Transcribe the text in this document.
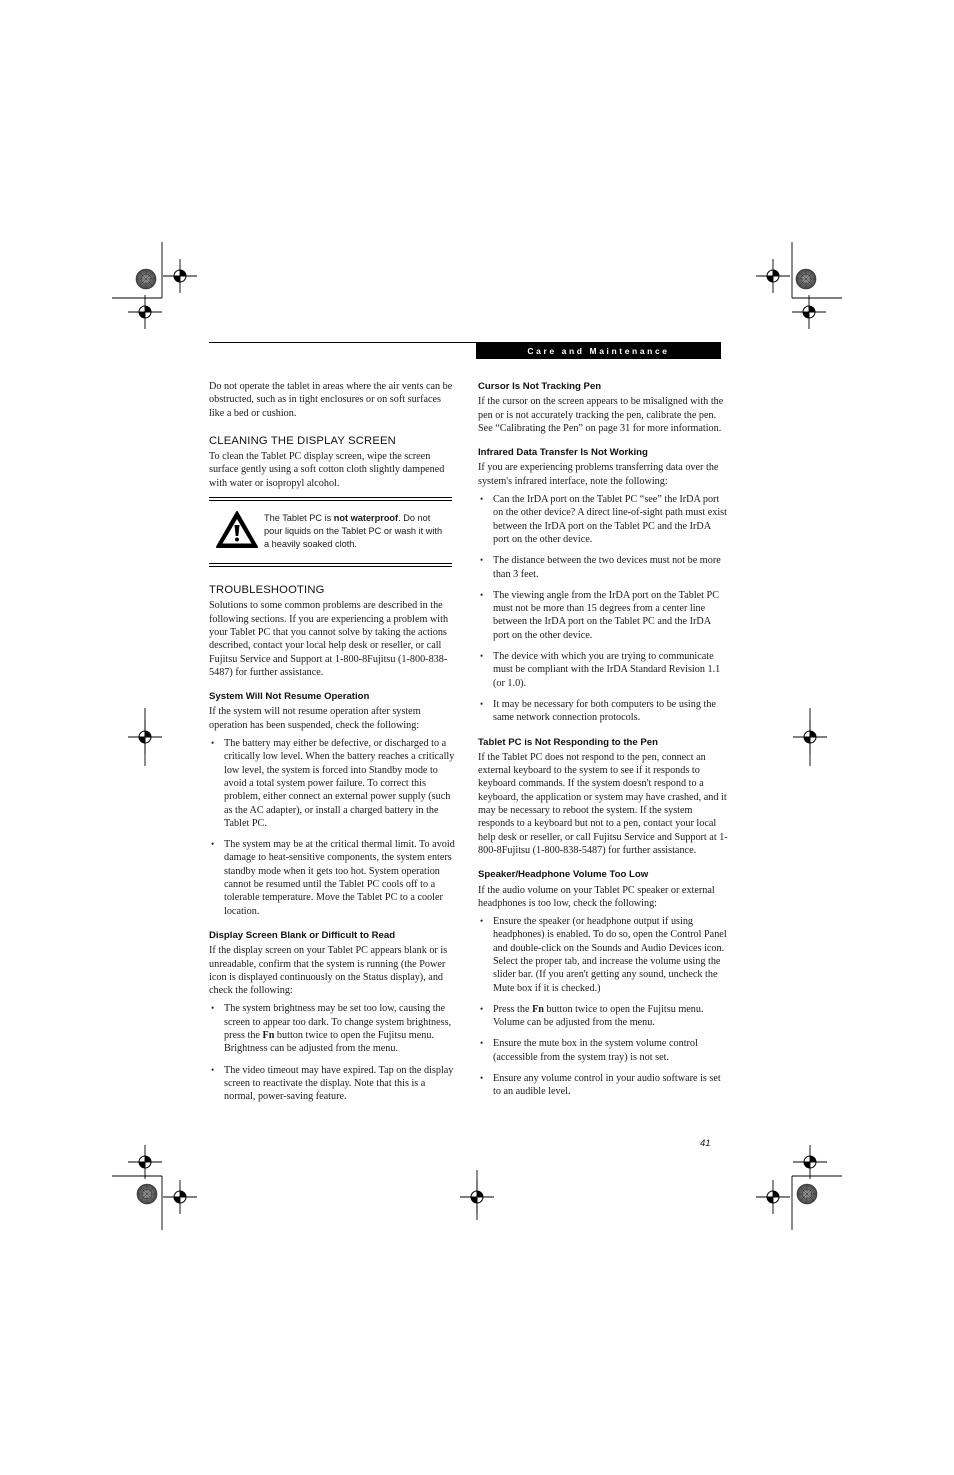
Care and Maintenance

Do not operate the tablet in areas where the air vents can be obstructed, such as in tight enclosures or on soft surfaces like a bed or cushion.

CLEANING THE DISPLAY SCREEN

To clean the Tablet PC display screen, wipe the screen surface gently using a soft cotton cloth slightly dampened with water or isopropyl alcohol.

TROUBLESHOOTING

Solutions to some common problems are described in the following sections. If you are experiencing a problem with your Tablet PC that you cannot solve by taking the actions described, contact your local help desk or reseller, or call Fujitsu Service and Support at 1-800-8Fujitsu (1-800-838-5487) for further assistance.

System Will Not Resume Operation

If the system will not resume operation after system operation has been suspended, check the following:

• The battery may either be defective, or discharged to a critically low level. When the battery reaches a critically low level, the system is forced into Standby mode to avoid a total system power failure. To correct this problem, either connect an external power supply (such as the AC adapter), or install a charged battery in the Tablet PC.
• The system may be at the critical thermal limit. To avoid damage to heat-sensitive components, the system enters standby mode when it gets too hot. System operation cannot be resumed until the Tablet PC cools off to a tolerable temperature. Move the Tablet PC to a cooler location.
Display Screen Blank or Difficult to Read

If the display screen on your Tablet PC appears blank or is unreadable, confirm that the system is running (the Power icon is displayed continuously on the Status display), and check the following:

• The system brightness may be set too low, causing the screen to appear too dark. To change system brightness, press the Fn button twice to open the Fujitsu menu. Brightness can be adjusted from the menu.
• The video timeout may have expired. Tap on the display screen to reactivate the display. Note that this is a normal, power-saving feature.
The Tablet PC is not waterproof. Do not pour liquids on the Tablet PC or wash it with a heavily soaked cloth.
Cursor Is Not Tracking Pen

If the cursor on the screen appears to be misaligned with the pen or is not accurately tracking the pen, calibrate the pen. See “Calibrating the Pen” on page 31 for more information.

Infrared Data Transfer Is Not Working

If you are experiencing problems transferring data over the system's infrared interface, note the following:

• Can the IrDA port on the Tablet PC “see” the IrDA port on the other device? A direct line-of-sight path must exist between the IrDA port on the Tablet PC and the IrDA port on the other device.
• The distance between the two devices must not be more than 3 feet.
• The viewing angle from the IrDA port on the Tablet PC must not be more than 15 degrees from a center line between the IrDA port on the Tablet PC and the IrDA port on the other device.
• The device with which you are trying to communicate must be compliant with the IrDA Standard Revision 1.1 (or 1.0).
• It may be necessary for both computers to be using the same network connection protocols.
Tablet PC is Not Responding to the Pen

If the Tablet PC does not respond to the pen, connect an external keyboard to the system to see if it responds to keyboard commands. If the system doesn't respond to a keyboard, the application or system may have crashed, and it may be necessary to reboot the system. If the system responds to a keyboard but not to a pen, contact your local help desk or reseller, or call Fujitsu Service and Support at 1-800-8Fujitsu (1-800-838-5487) for further assistance.

Speaker/Headphone Volume Too Low

If the audio volume on your Tablet PC speaker or external headphones is too low, check the following:

• Ensure the speaker (or headphone output if using headphones) is enabled. To do so, open the Control Panel and double-click on the Sounds and Audio Devices icon. Select the proper tab, and increase the volume using the slider bar. (If you aren't getting any sound, uncheck the Mute box if it is checked.)
• Press the Fn button twice to open the Fujitsu menu. Volume can be adjusted from the menu.
• Ensure the mute box in the system volume control (accessible from the system tray) is not set.
• Ensure any volume control in your audio software is set to an audible level.
41
